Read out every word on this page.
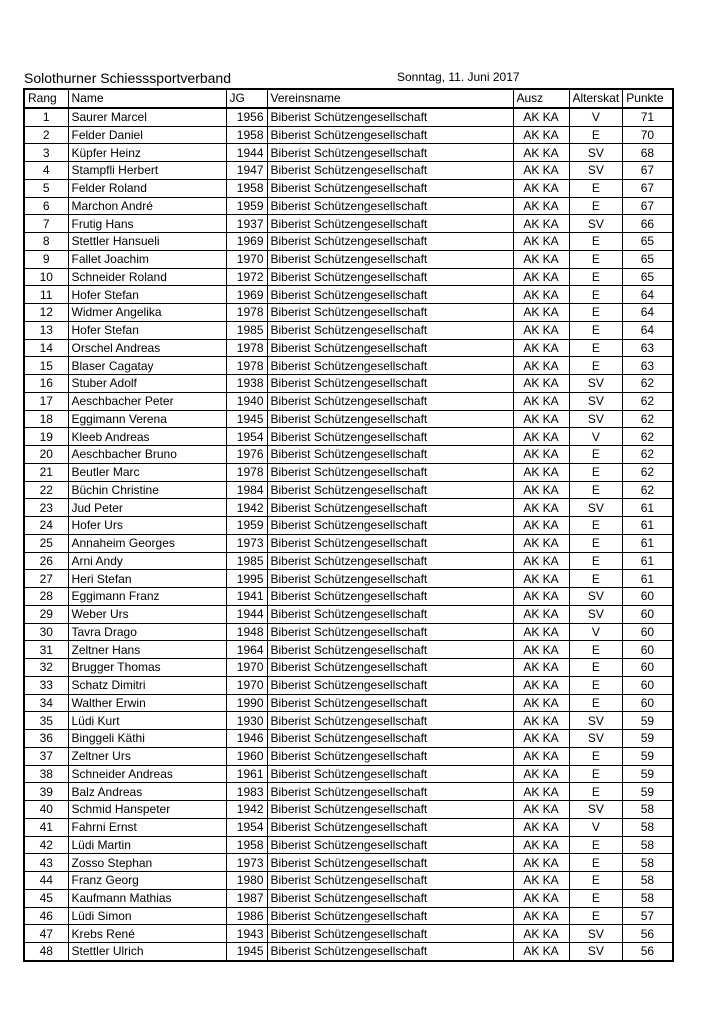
Solothurner Schiesssportverband	Sonntag, 11. Juni 2017
Rang	Name	JG	Vereinsname	Ausz	Alterskat	Punkte
1	Saurer Marcel	1956	Biberist Schützengesellschaft	AK KA	V	71
2	Felder Daniel	1958	Biberist Schützengesellschaft	AK KA	E	70
3	Küpfer Heinz	1944	Biberist Schützengesellschaft	AK KA	SV	68
4	Stampfli Herbert	1947	Biberist Schützengesellschaft	AK KA	SV	67
5	Felder Roland	1958	Biberist Schützengesellschaft	AK KA	E	67
6	Marchon André	1959	Biberist Schützengesellschaft	AK KA	E	67
7	Frutig Hans	1937	Biberist Schützengesellschaft	AK KA	SV	66
8	Stettler Hansueli	1969	Biberist Schützengesellschaft	AK KA	E	65
9	Fallet Joachim	1970	Biberist Schützengesellschaft	AK KA	E	65
10	Schneider Roland	1972	Biberist Schützengesellschaft	AK KA	E	65
11	Hofer Stefan	1969	Biberist Schützengesellschaft	AK KA	E	64
12	Widmer Angelika	1978	Biberist Schützengesellschaft	AK KA	E	64
13	Hofer Stefan	1985	Biberist Schützengesellschaft	AK KA	E	64
14	Orschel Andreas	1978	Biberist Schützengesellschaft	AK KA	E	63
15	Blaser Cagatay	1978	Biberist Schützengesellschaft	AK KA	E	63
16	Stuber Adolf	1938	Biberist Schützengesellschaft	AK KA	SV	62
17	Aeschbacher Peter	1940	Biberist Schützengesellschaft	AK KA	SV	62
18	Eggimann Verena	1945	Biberist Schützengesellschaft	AK KA	SV	62
19	Kleeb Andreas	1954	Biberist Schützengesellschaft	AK KA	V	62
20	Aeschbacher Bruno	1976	Biberist Schützengesellschaft	AK KA	E	62
21	Beutler Marc	1978	Biberist Schützengesellschaft	AK KA	E	62
22	Büchin Christine	1984	Biberist Schützengesellschaft	AK KA	E	62
23	Jud Peter	1942	Biberist Schützengesellschaft	AK KA	SV	61
24	Hofer Urs	1959	Biberist Schützengesellschaft	AK KA	E	61
25	Annaheim Georges	1973	Biberist Schützengesellschaft	AK KA	E	61
26	Arni Andy	1985	Biberist Schützengesellschaft	AK KA	E	61
27	Heri Stefan	1995	Biberist Schützengesellschaft	AK KA	E	61
28	Eggimann Franz	1941	Biberist Schützengesellschaft	AK KA	SV	60
29	Weber Urs	1944	Biberist Schützengesellschaft	AK KA	SV	60
30	Tavra Drago	1948	Biberist Schützengesellschaft	AK KA	V	60
31	Zeltner Hans	1964	Biberist Schützengesellschaft	AK KA	E	60
32	Brugger Thomas	1970	Biberist Schützengesellschaft	AK KA	E	60
33	Schatz Dimitri	1970	Biberist Schützengesellschaft	AK KA	E	60
34	Walther Erwin	1990	Biberist Schützengesellschaft	AK KA	E	60
35	Lüdi Kurt	1930	Biberist Schützengesellschaft	AK KA	SV	59
36	Binggeli Käthi	1946	Biberist Schützengesellschaft	AK KA	SV	59
37	Zeltner Urs	1960	Biberist Schützengesellschaft	AK KA	E	59
38	Schneider Andreas	1961	Biberist Schützengesellschaft	AK KA	E	59
39	Balz Andreas	1983	Biberist Schützengesellschaft	AK KA	E	59
40	Schmid Hanspeter	1942	Biberist Schützengesellschaft	AK KA	SV	58
41	Fahrni Ernst	1954	Biberist Schützengesellschaft	AK KA	V	58
42	Lüdi Martin	1958	Biberist Schützengesellschaft	AK KA	E	58
43	Zosso Stephan	1973	Biberist Schützengesellschaft	AK KA	E	58
44	Franz Georg	1980	Biberist Schützengesellschaft	AK KA	E	58
45	Kaufmann Mathias	1987	Biberist Schützengesellschaft	AK KA	E	58
46	Lüdi Simon	1986	Biberist Schützengesellschaft	AK KA	E	57
47	Krebs René	1943	Biberist Schützengesellschaft	AK KA	SV	56
48	Stettler Ulrich	1945	Biberist Schützengesellschaft	AK KA	SV	56
